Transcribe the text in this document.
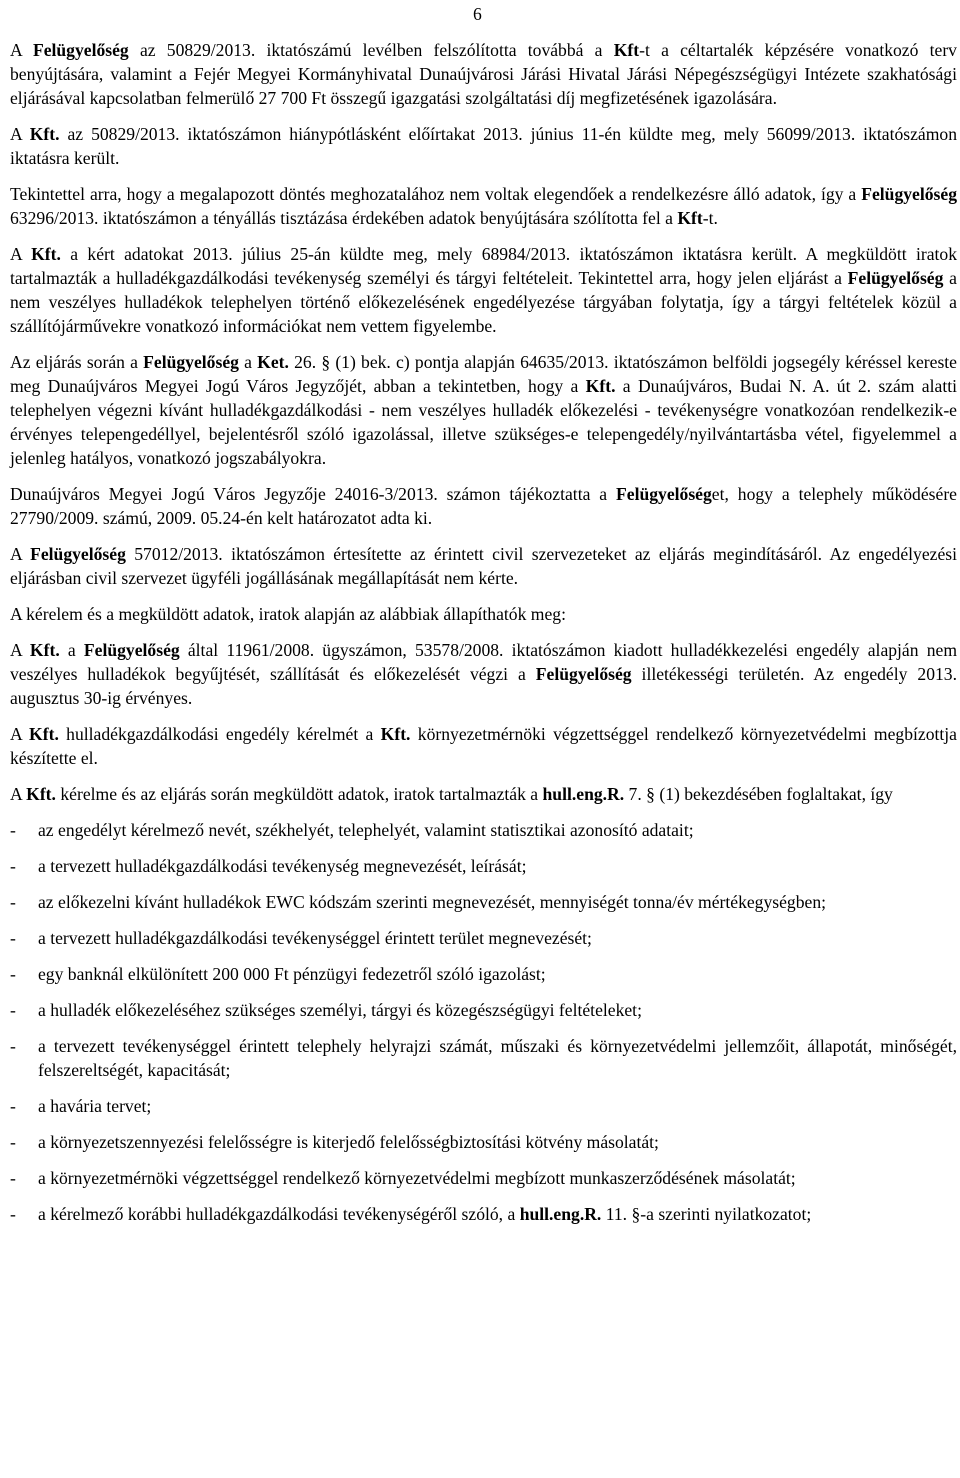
6

A Felügyelőség az 50829/2013. iktatószámú levélben felszólította továbbá a Kft-t a céltartalék képzésére vonatkozó terv benyújtására, valamint a Fejér Megyei Kormányhivatal Dunaújvárosi Járási Hivatal Járási Népegészségügyi Intézete szakhatósági eljárásával kapcsolatban felmerülő 27 700 Ft összegű igazgatási szolgáltatási díj megfizetésének igazolására.

A Kft. az 50829/2013. iktatószámon hiánypótlásként előírtakat 2013. június 11-én küldte meg, mely 56099/2013. iktatószámon iktatásra került.

Tekintettel arra, hogy a megalapozott döntés meghozatalához nem voltak elegendőek a rendelkezésre álló adatok, így a Felügyelőség 63296/2013. iktatószámon a tényállás tisztázása érdekében adatok benyújtására szólította fel a Kft-t.

A Kft. a kért adatokat 2013. július 25-án küldte meg, mely 68984/2013. iktatószámon iktatásra került. A megküldött iratok tartalmazták a hulladékgazdálkodási tevékenység személyi és tárgyi feltételeit. Tekintettel arra, hogy jelen eljárást a Felügyelőség a nem veszélyes hulladékok telephelyen történő előkezelésének engedélyezése tárgyában folytatja, így a tárgyi feltételek közül a szállítójárművekre vonatkozó információkat nem vettem figyelembe.

Az eljárás során a Felügyelőség a Ket. 26. § (1) bek. c) pontja alapján 64635/2013. iktatószámon belföldi jogsegély kéréssel kereste meg Dunaújváros Megyei Jogú Város Jegyzőjét, abban a tekintetben, hogy a Kft. a Dunaújváros, Budai N. A. út 2. szám alatti telephelyen végezni kívánt hulladékgazdálkodási - nem veszélyes hulladék előkezelési - tevékenységre vonatkozóan rendelkezik-e érvényes telepengedéllyel, bejelentésről szóló igazolással, illetve szükséges-e telepengedély/nyilvántartásba vétel, figyelemmel a jelenleg hatályos, vonatkozó jogszabályokra.

Dunaújváros Megyei Jogú Város Jegyzője 24016-3/2013. számon tájékoztatta a Felügyelőséget, hogy a telephely működésére 27790/2009. számú, 2009. 05.24-én kelt határozatot adta ki.

A Felügyelőség 57012/2013. iktatószámon értesítette az érintett civil szervezeteket az eljárás megindításáról. Az engedélyezési eljárásban civil szervezet ügyféli jogállásának megállapítását nem kérte.

A kérelem és a megküldött adatok, iratok alapján az alábbiak állapíthatók meg:

A Kft. a Felügyelőség által 11961/2008. ügyszámon, 53578/2008. iktatószámon kiadott hulladékkezelési engedély alapján nem veszélyes hulladékok begyűjtését, szállítását és előkezelését végzi a Felügyelőség illetékességi területén. Az engedély 2013. augusztus 30-ig érvényes.

A Kft. hulladékgazdálkodási engedély kérelmét a Kft. környezetmérnöki végzettséggel rendelkező környezetvédelmi megbízottja készítette el.

A Kft. kérelme és az eljárás során megküldött adatok, iratok tartalmazták a hull.eng.R. 7. § (1) bekezdésében foglaltakat, így

-	az engedélyt kérelmező nevét, székhelyét, telephelyét, valamint statisztikai azonosító adatait;
-	a tervezett hulladékgazdálkodási tevékenység megnevezését, leírását;
-	az előkezelni kívánt hulladékok EWC kódszám szerinti megnevezését, mennyiségét tonna/év mértékegységben;
-	a tervezett hulladékgazdálkodási tevékenységgel érintett terület megnevezését;
-	egy banknál elkülönített 200 000 Ft pénzügyi fedezetről szóló igazolást;
-	a hulladék előkezeléséhez szükséges személyi, tárgyi és közegészségügyi feltételeket;
-	a tervezett tevékenységgel érintett telephely helyrajzi számát, műszaki és környezetvédelmi jellemzőit, állapotát, minőségét, felszereltségét, kapacitását;
-	a havária tervet;
-	a környezetszennyezési felelősségre is kiterjedő felelősségbiztosítási kötvény másolatát;
-	a környezetmérnöki végzettséggel rendelkező környezetvédelmi megbízott munkaszerződésének másolatát;
-	a kérelmező korábbi hulladékgazdálkodási tevékenységéről szóló, a hull.eng.R. 11. §-a szerinti nyilatkozatot;
